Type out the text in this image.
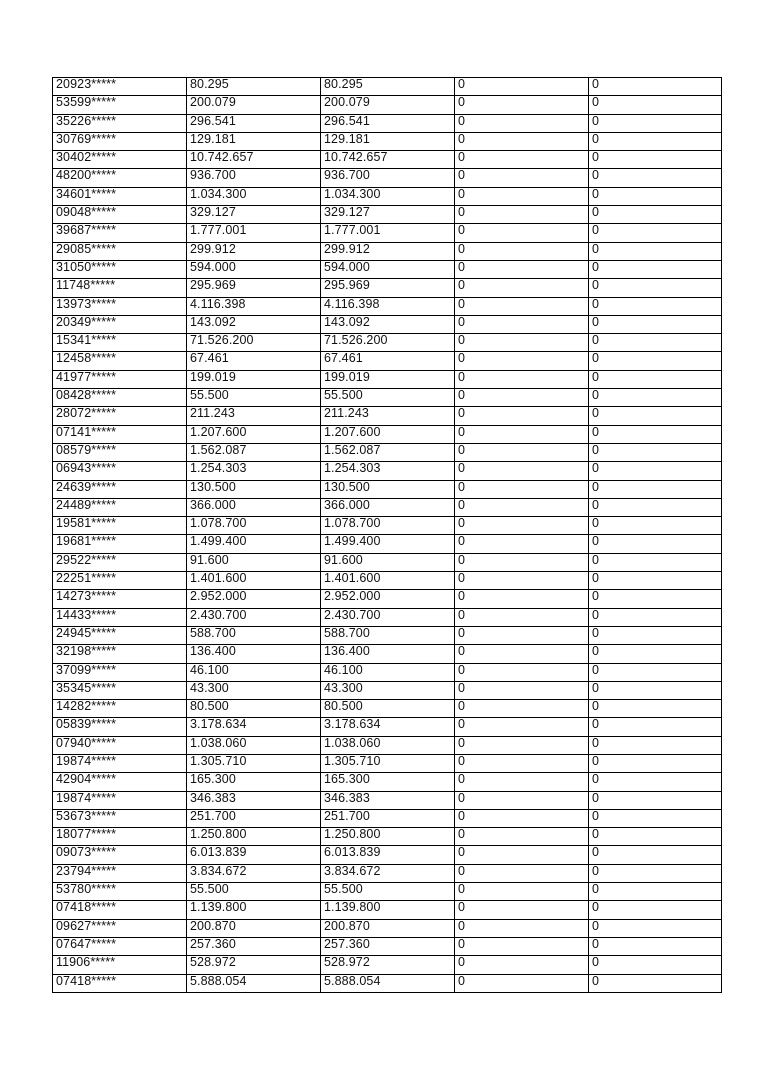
20923*****	80.295	80.295	0	0
53599*****	200.079	200.079	0	0
35226*****	296.541	296.541	0	0
30769*****	129.181	129.181	0	0
30402*****	10.742.657	10.742.657	0	0
48200*****	936.700	936.700	0	0
34601*****	1.034.300	1.034.300	0	0
09048*****	329.127	329.127	0	0
39687*****	1.777.001	1.777.001	0	0
29085*****	299.912	299.912	0	0
31050*****	594.000	594.000	0	0
11748*****	295.969	295.969	0	0
13973*****	4.116.398	4.116.398	0	0
20349*****	143.092	143.092	0	0
15341*****	71.526.200	71.526.200	0	0
12458*****	67.461	67.461	0	0
41977*****	199.019	199.019	0	0
08428*****	55.500	55.500	0	0
28072*****	211.243	211.243	0	0
07141*****	1.207.600	1.207.600	0	0
08579*****	1.562.087	1.562.087	0	0
06943*****	1.254.303	1.254.303	0	0
24639*****	130.500	130.500	0	0
24489*****	366.000	366.000	0	0
19581*****	1.078.700	1.078.700	0	0
19681*****	1.499.400	1.499.400	0	0
29522*****	91.600	91.600	0	0
22251*****	1.401.600	1.401.600	0	0
14273*****	2.952.000	2.952.000	0	0
14433*****	2.430.700	2.430.700	0	0
24945*****	588.700	588.700	0	0
32198*****	136.400	136.400	0	0
37099*****	46.100	46.100	0	0
35345*****	43.300	43.300	0	0
14282*****	80.500	80.500	0	0
05839*****	3.178.634	3.178.634	0	0
07940*****	1.038.060	1.038.060	0	0
19874*****	1.305.710	1.305.710	0	0
42904*****	165.300	165.300	0	0
19874*****	346.383	346.383	0	0
53673*****	251.700	251.700	0	0
18077*****	1.250.800	1.250.800	0	0
09073*****	6.013.839	6.013.839	0	0
23794*****	3.834.672	3.834.672	0	0
53780*****	55.500	55.500	0	0
07418*****	1.139.800	1.139.800	0	0
09627*****	200.870	200.870	0	0
07647*****	257.360	257.360	0	0
11906*****	528.972	528.972	0	0
07418*****	5.888.054	5.888.054	0	0
